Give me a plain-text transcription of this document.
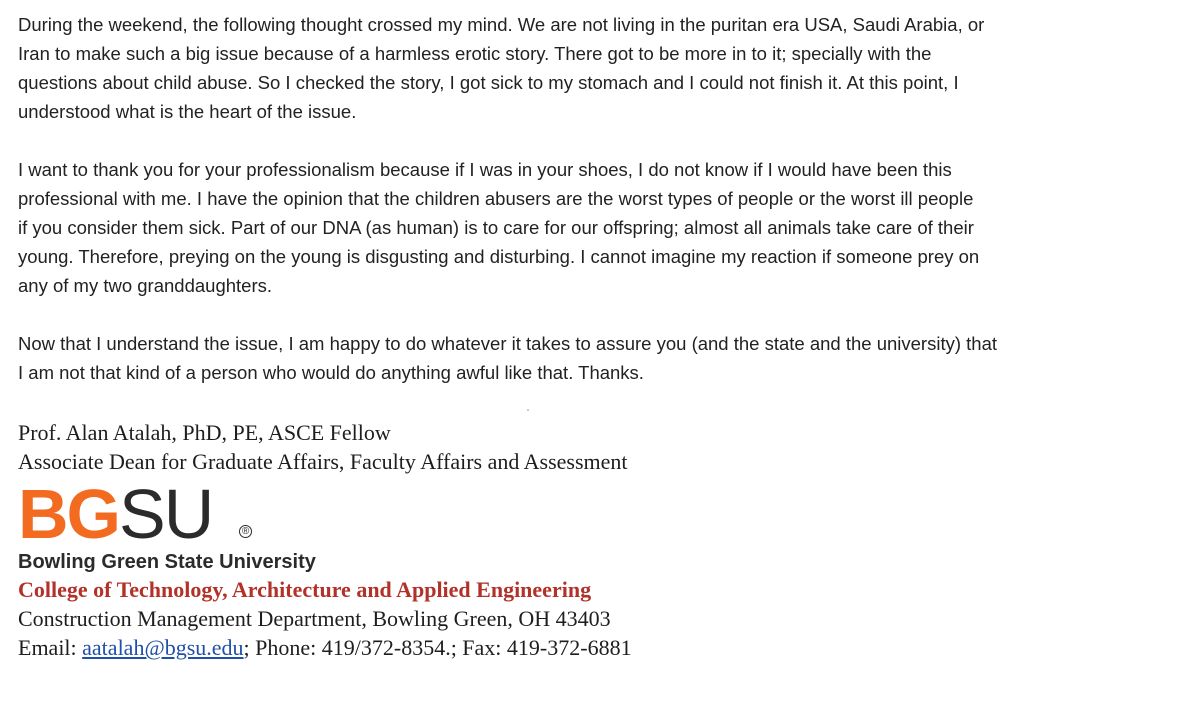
During the weekend, the following thought crossed my mind. We are not living in the puritan era USA, Saudi Arabia, or
Iran to make such a big issue because of a harmless erotic story. There got to be more in to it; specially with the
questions about child abuse. So I checked the story, I got sick to my stomach and I could not finish it. At this point, I
understood what is the heart of the issue.

I want to thank you for your professionalism because if I was in your shoes, I do not know if I would have been this
professional with me. I have the opinion that the children abusers are the worst types of people or the worst ill people
if you consider them sick. Part of our DNA (as human) is to care for our offspring; almost all animals take care of their
young. Therefore, preying on the young is disgusting and disturbing. I cannot imagine my reaction if someone prey on
any of my two granddaughters.

Now that I understand the issue, I am happy to do whatever it takes to assure you (and the state and the university) that
I am not that kind of a person who would do anything awful like that. Thanks.

Prof. Alan Atalah, PhD, PE, ASCE Fellow
Associate Dean for Graduate Affairs, Faculty Affairs and Assessment
BGSU	®
Bowling Green State University
College of Technology, Architecture and Applied Engineering
Construction Management Department, Bowling Green, OH 43403
Email: aatalah@bgsu.edu; Phone: 419/372-8354.; Fax: 419-372-6881
